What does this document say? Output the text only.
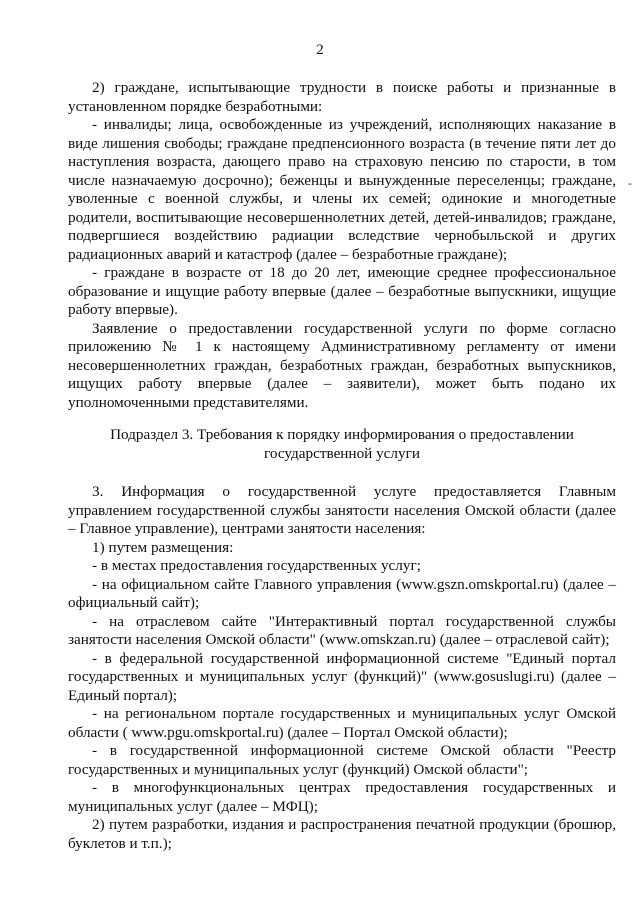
2
-

2) граждане, испытывающие трудности в поиске работы и признанные в установленном порядке безработными:

- инвалиды; лица, освобожденные из учреждений, исполняющих наказание в виде лишения свободы; граждане предпенсионного возраста (в течение пяти лет до наступления возраста, дающего право на страховую пенсию по старости, в том числе назначаемую досрочно); беженцы и вынужденные переселенцы; граждане, уволенные с военной службы, и члены их семей; одинокие и многодетные родители, воспитывающие несовершеннолетних детей, детей-инвалидов; граждане, подвергшиеся воздействию радиации вследствие чернобыльской и других радиационных аварий и катастроф (далее – безработные граждане);

- граждане в возрасте от 18 до 20 лет, имеющие среднее профессиональное образование и ищущие работу впервые (далее – безработные выпускники, ищущие работу впервые).

Заявление о предоставлении государственной услуги по форме согласно приложению № 1 к настоящему Административному регламенту от имени несовершеннолетних граждан, безработных граждан, безработных выпускников, ищущих работу впервые (далее – заявители), может быть подано их уполномоченными представителями.

Подраздел 3. Требования к порядку информирования о предоставлении
государственной услуги

3. Информация о государственной услуге предоставляется Главным управлением государственной службы занятости населения Омской области (далее – Главное управление), центрами занятости населения:

1) путем размещения:

- в местах предоставления государственных услуг;

- на официальном сайте Главного управления (www.gszn.omskportal.ru) (далее – официальный сайт);

- на отраслевом сайте "Интерактивный портал государственной службы занятости населения Омской области" (www.omskzan.ru) (далее – отраслевой сайт);

- в федеральной государственной информационной системе "Единый портал государственных и муниципальных услуг (функций)" (www.gosuslugi.ru) (далее – Единый портал);

- на региональном портале государственных и муниципальных услуг Омской области ( www.pgu.omskportal.ru) (далее – Портал Омской области);

- в государственной информационной системе Омской области "Реестр государственных и муниципальных услуг (функций) Омской области";

- в многофункциональных центрах предоставления государственных и муниципальных услуг (далее – МФЦ);

2) путем разработки, издания и распространения печатной продукции (брошюр, буклетов и т.п.);
